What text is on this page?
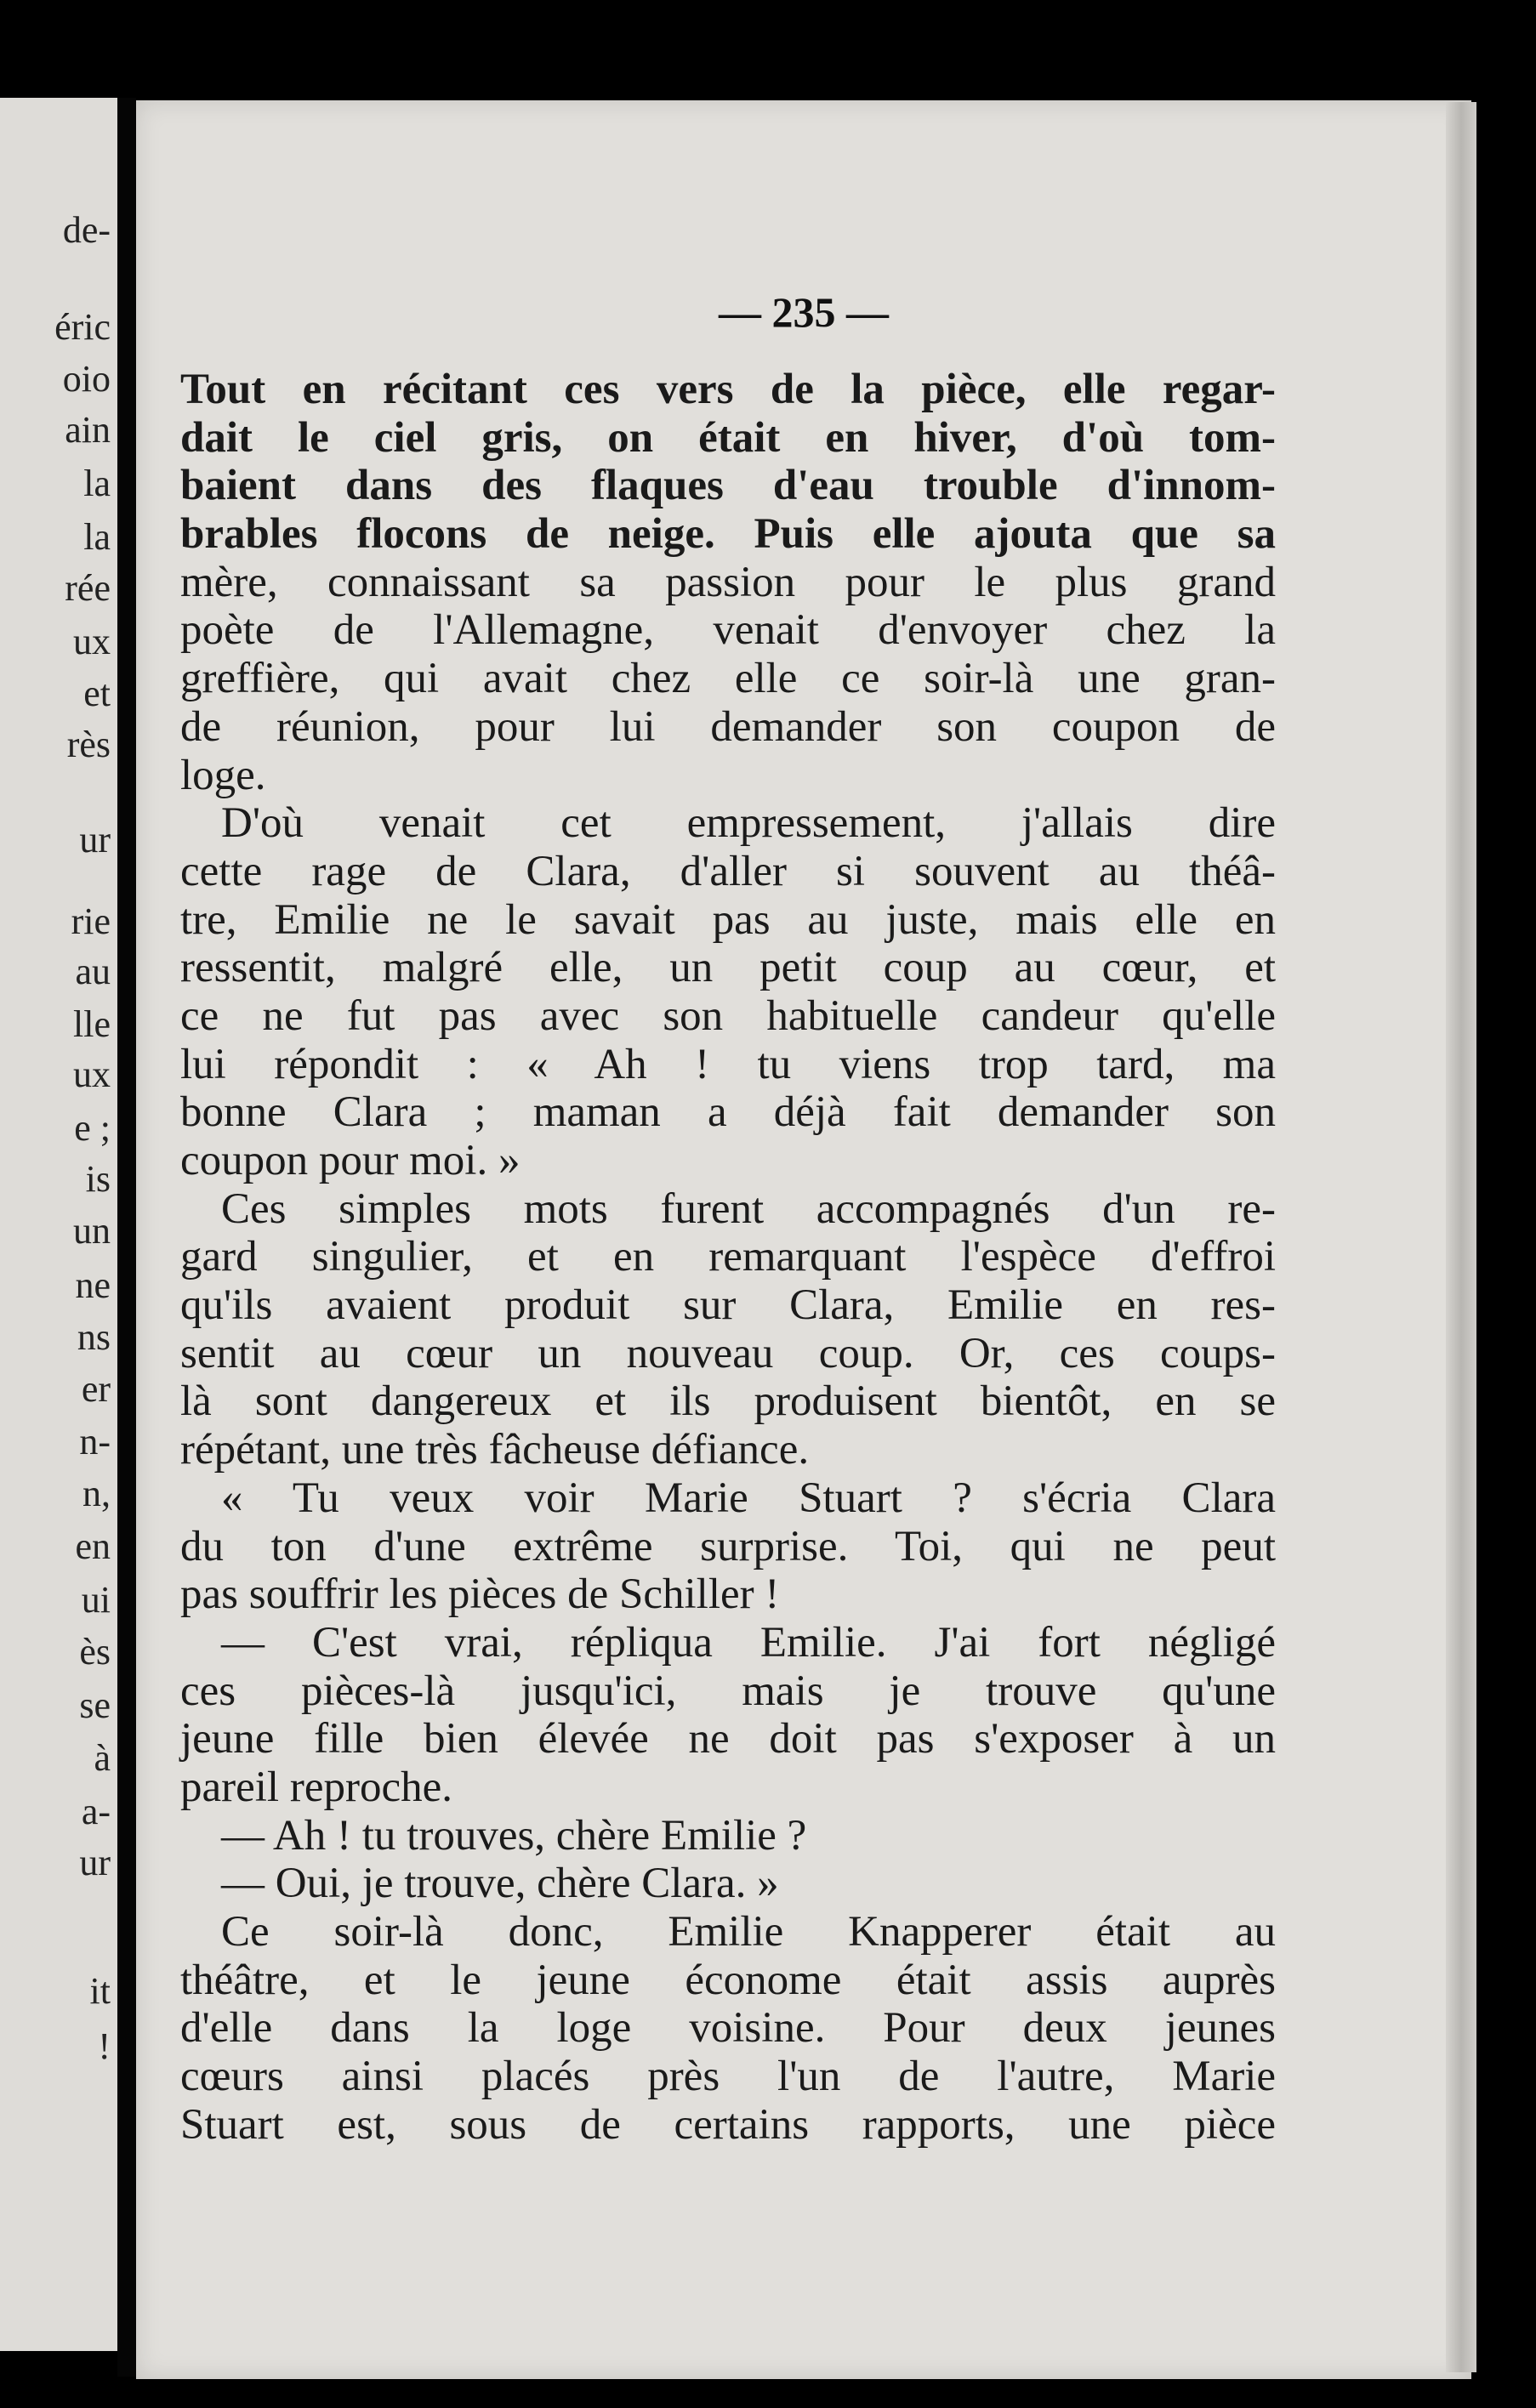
de-
éric
oio
ain
la
la
rée
ux
et
rès
ur
rie
au
lle
ux
e ;
is
un
ne
ns
er
n-
n,
en
ui
ès
se
à
a-
ur
it
!
— 235 —
Tout en récitant ces vers de la pièce, elle regar-
dait le ciel gris, on était en hiver, d'où tom-
baient dans des flaques d'eau trouble d'innom-
brables flocons de neige. Puis elle ajouta que sa
mère, connaissant sa passion pour le plus grand
poète de l'Allemagne, venait d'envoyer chez la
greffière, qui avait chez elle ce soir-là une gran-
de réunion, pour lui demander son coupon de
loge.
D'où venait cet empressement, j'allais dire
cette rage de Clara, d'aller si souvent au théâ-
tre, Emilie ne le savait pas au juste, mais elle en
ressentit, malgré elle, un petit coup au cœur, et
ce ne fut pas avec son habituelle candeur qu'elle
lui répondit : « Ah ! tu viens trop tard, ma
bonne Clara ; maman a déjà fait demander son
coupon pour moi. »
Ces simples mots furent accompagnés d'un re-
gard singulier, et en remarquant l'espèce d'effroi
qu'ils avaient produit sur Clara, Emilie en res-
sentit au cœur un nouveau coup. Or, ces coups-
là sont dangereux et ils produisent bientôt, en se
répétant, une très fâcheuse défiance.
« Tu veux voir Marie Stuart ? s'écria Clara
du ton d'une extrême surprise. Toi, qui ne peut
pas souffrir les pièces de Schiller !
— C'est vrai, répliqua Emilie. J'ai fort négligé
ces pièces-là jusqu'ici, mais je trouve qu'une
jeune fille bien élevée ne doit pas s'exposer à un
pareil reproche.
— Ah ! tu trouves, chère Emilie ?
— Oui, je trouve, chère Clara. »
Ce soir-là donc, Emilie Knapperer était au
théâtre, et le jeune économe était assis auprès
d'elle dans la loge voisine. Pour deux jeunes
cœurs ainsi placés près l'un de l'autre, Marie
Stuart est, sous de certains rapports, une pièce
